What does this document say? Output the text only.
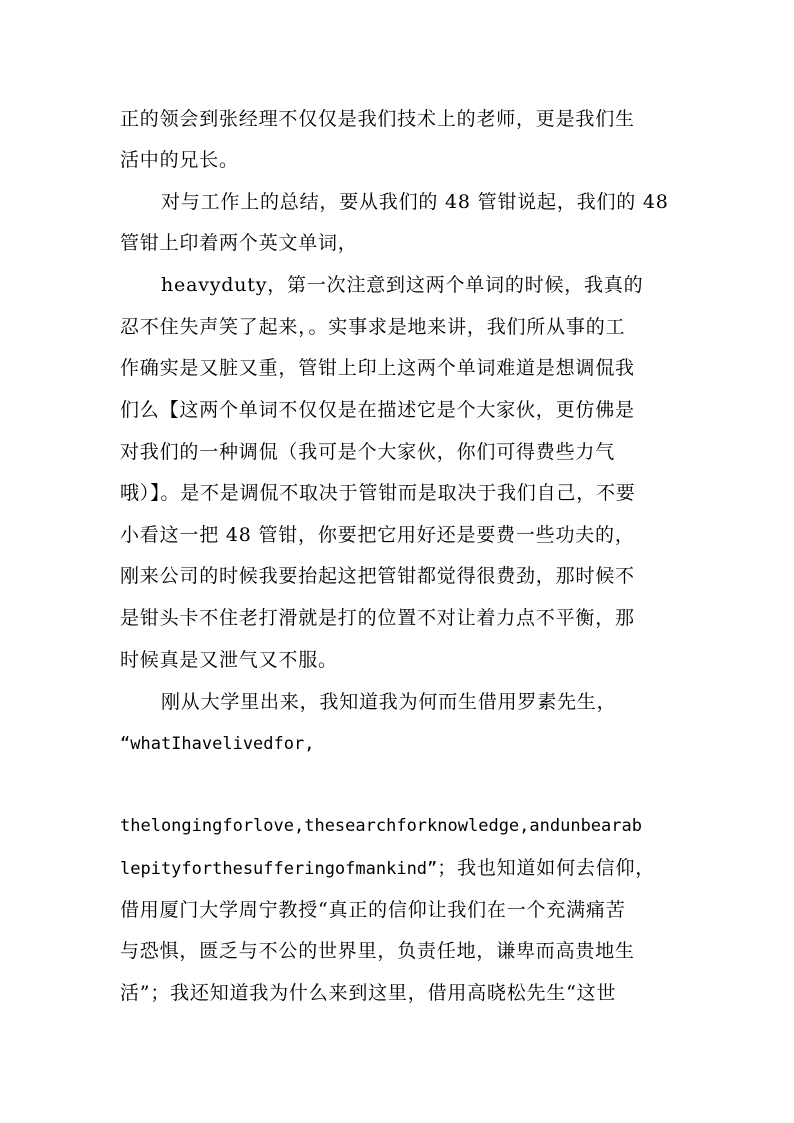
正的领会到张经理不仅仅是我们技术上的老师，更是我们生
活中的兄长。
对与工作上的总结，要从我们的 48 管钳说起，我们的 48
管钳上印着两个英文单词，
heavyduty，第一次注意到这两个单词的时候，我真的
忍不住失声笑了起来，。实事求是地来讲，我们所从事的工
作确实是又脏又重，管钳上印上这两个单词难道是想调侃我
们么【这两个单词不仅仅是在描述它是个大家伙，更仿佛是
对我们的一种调侃（我可是个大家伙，你们可得费些力气
哦）】。是不是调侃不取决于管钳而是取决于我们自己，不要
小看这一把 48 管钳，你要把它用好还是要费一些功夫的，
刚来公司的时候我要抬起这把管钳都觉得很费劲，那时候不
是钳头卡不住老打滑就是打的位置不对让着力点不平衡，那
时候真是又泄气又不服。
刚从大学里出来，我知道我为何而生借用罗素先生，
“whatIhavelivedfor,
thelongingforlove,thesearchforknowledge,andunbearab
lepityforthesufferingofmankind”；我也知道如何去信仰，
借用厦门大学周宁教授“真正的信仰让我们在一个充满痛苦
与恐惧，匮乏与不公的世界里，负责任地，谦卑而高贵地生
活”；我还知道我为什么来到这里，借用高晓松先生“这世
